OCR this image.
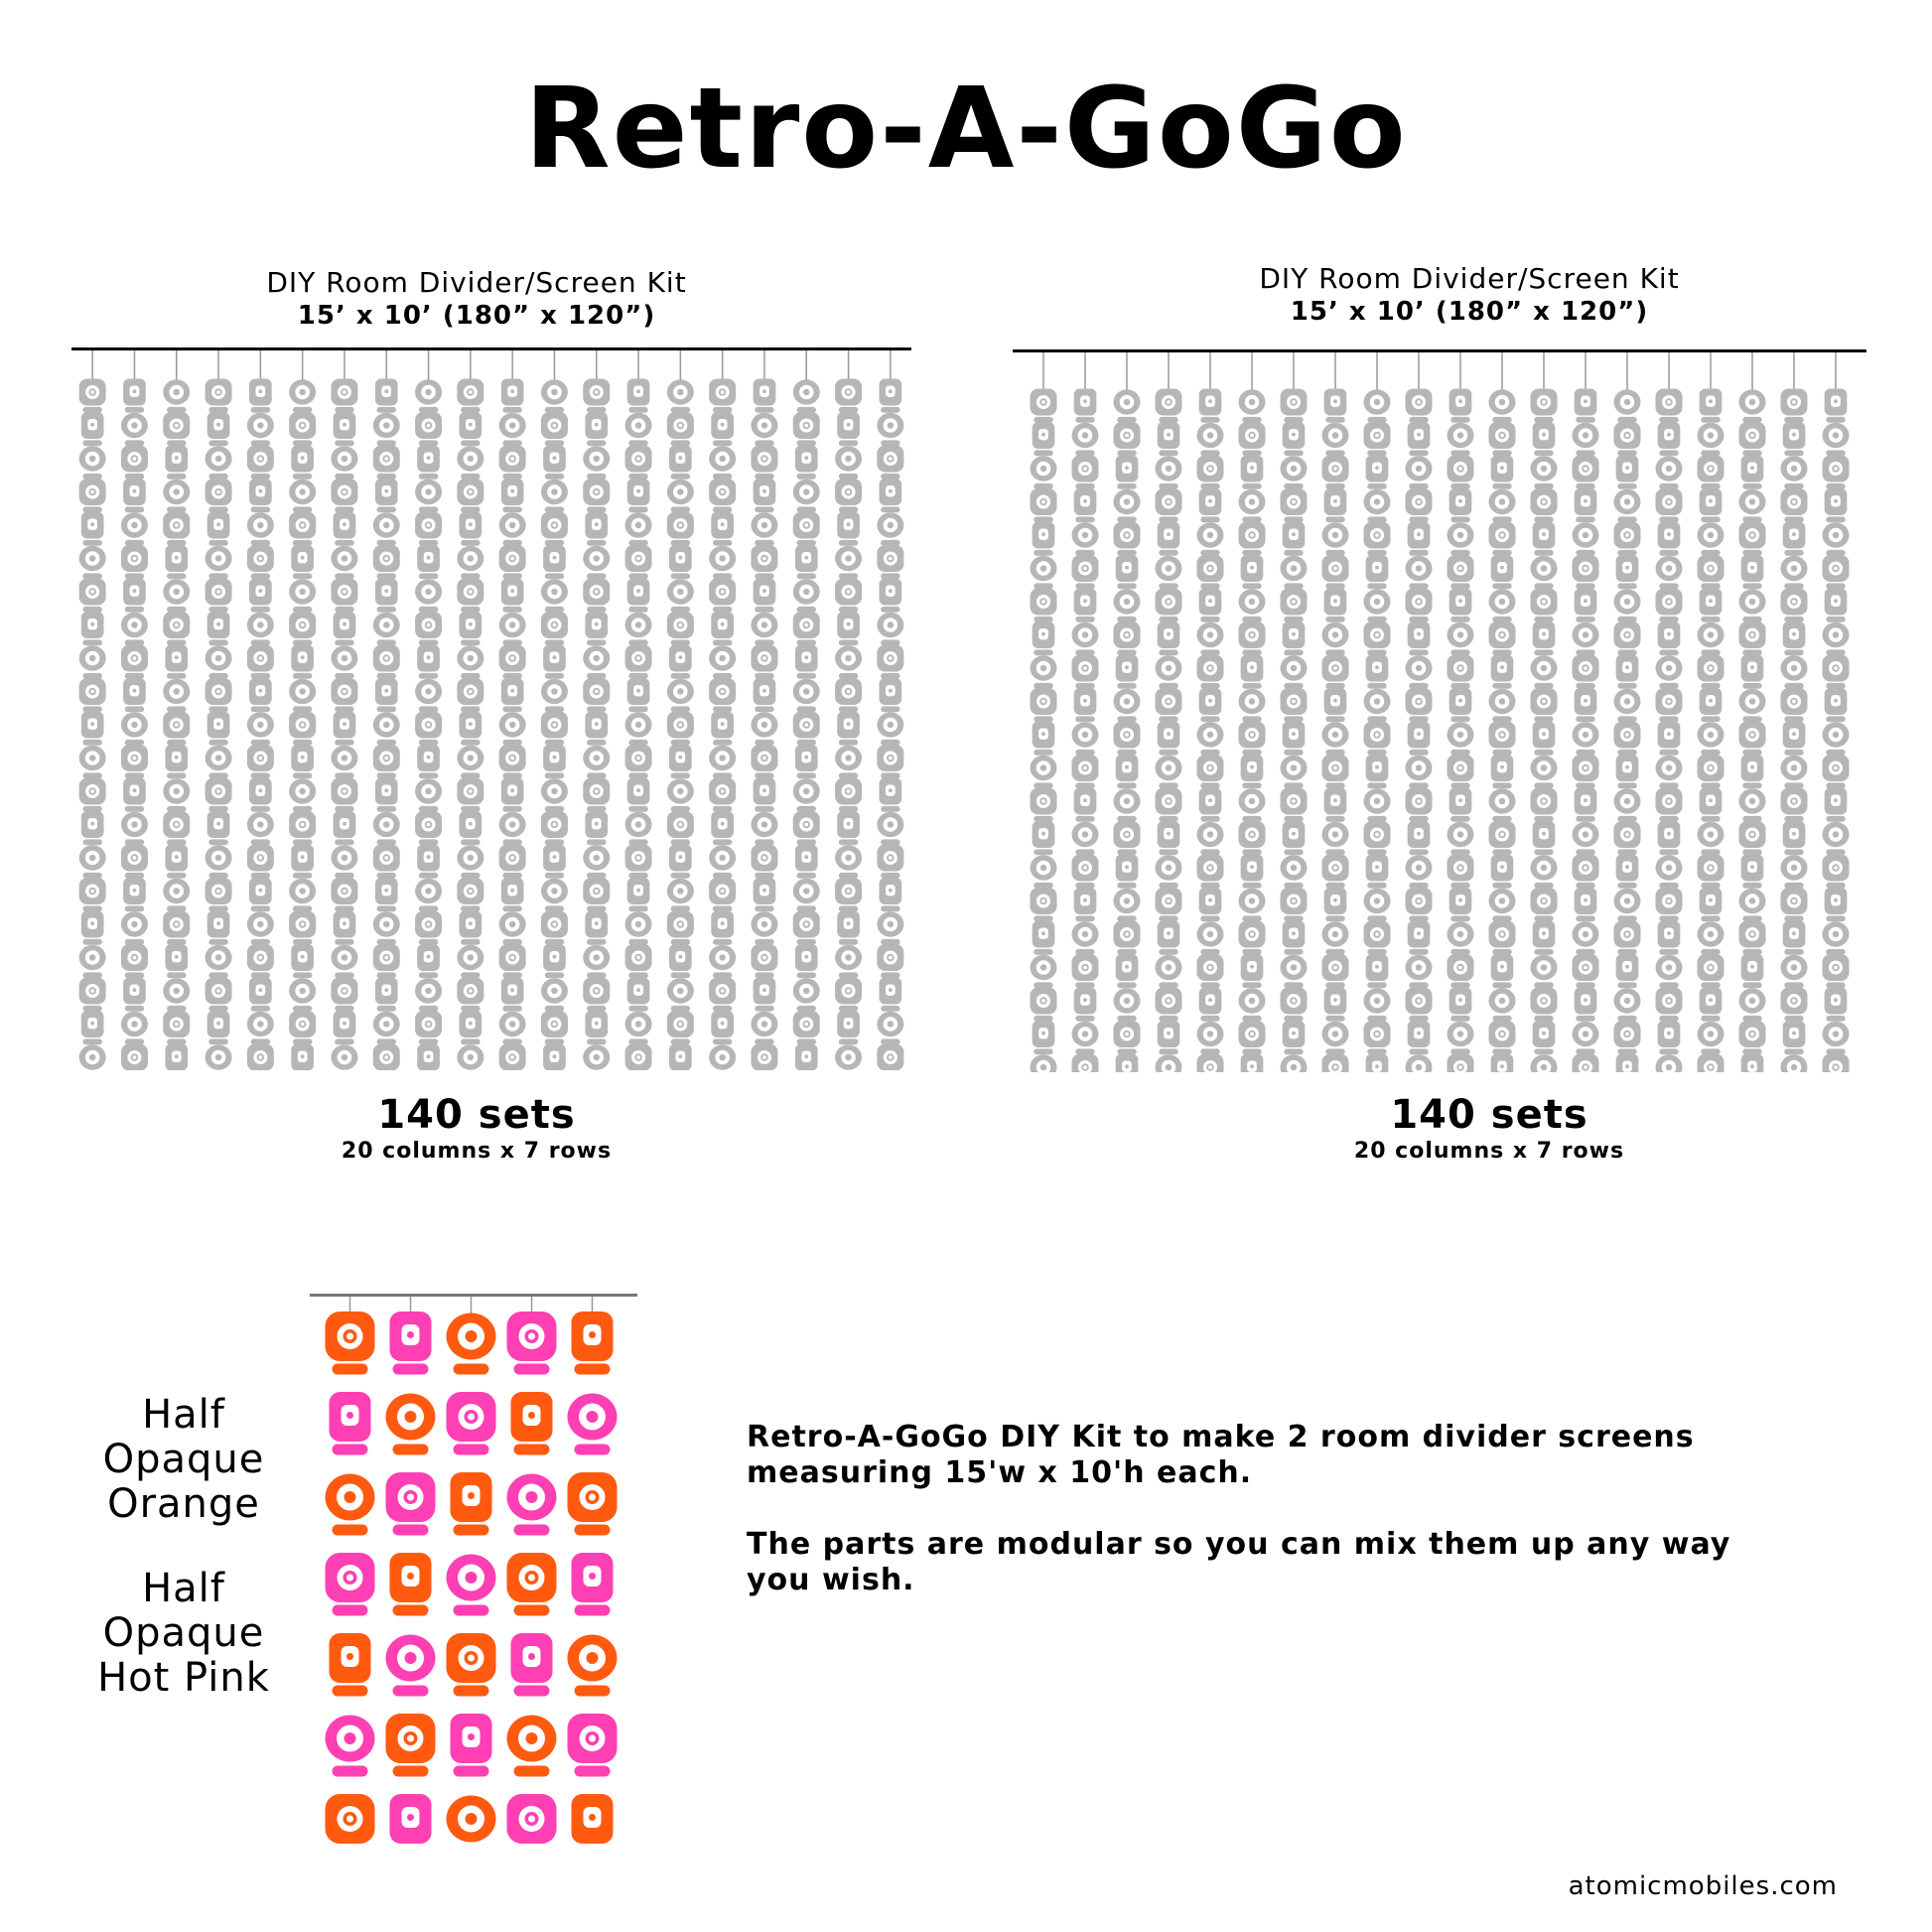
Retro-A-GoGo
DIY Room Divider/Screen Kit
15’ x 10’ (180” x 120”)
140 sets
20 columns x 7 rows
DIY Room Divider/Screen Kit
15’ x 10’ (180” x 120”)
140 sets
20 columns x 7 rows
Half
Opaque
Orange
Half
Opaque
Hot Pink

Retro-A-GoGo DIY Kit to make 2 room divider screens measuring 15'w x 10'h each.

The parts are modular so you can mix them up any way you wish.

atomicmobiles.com
